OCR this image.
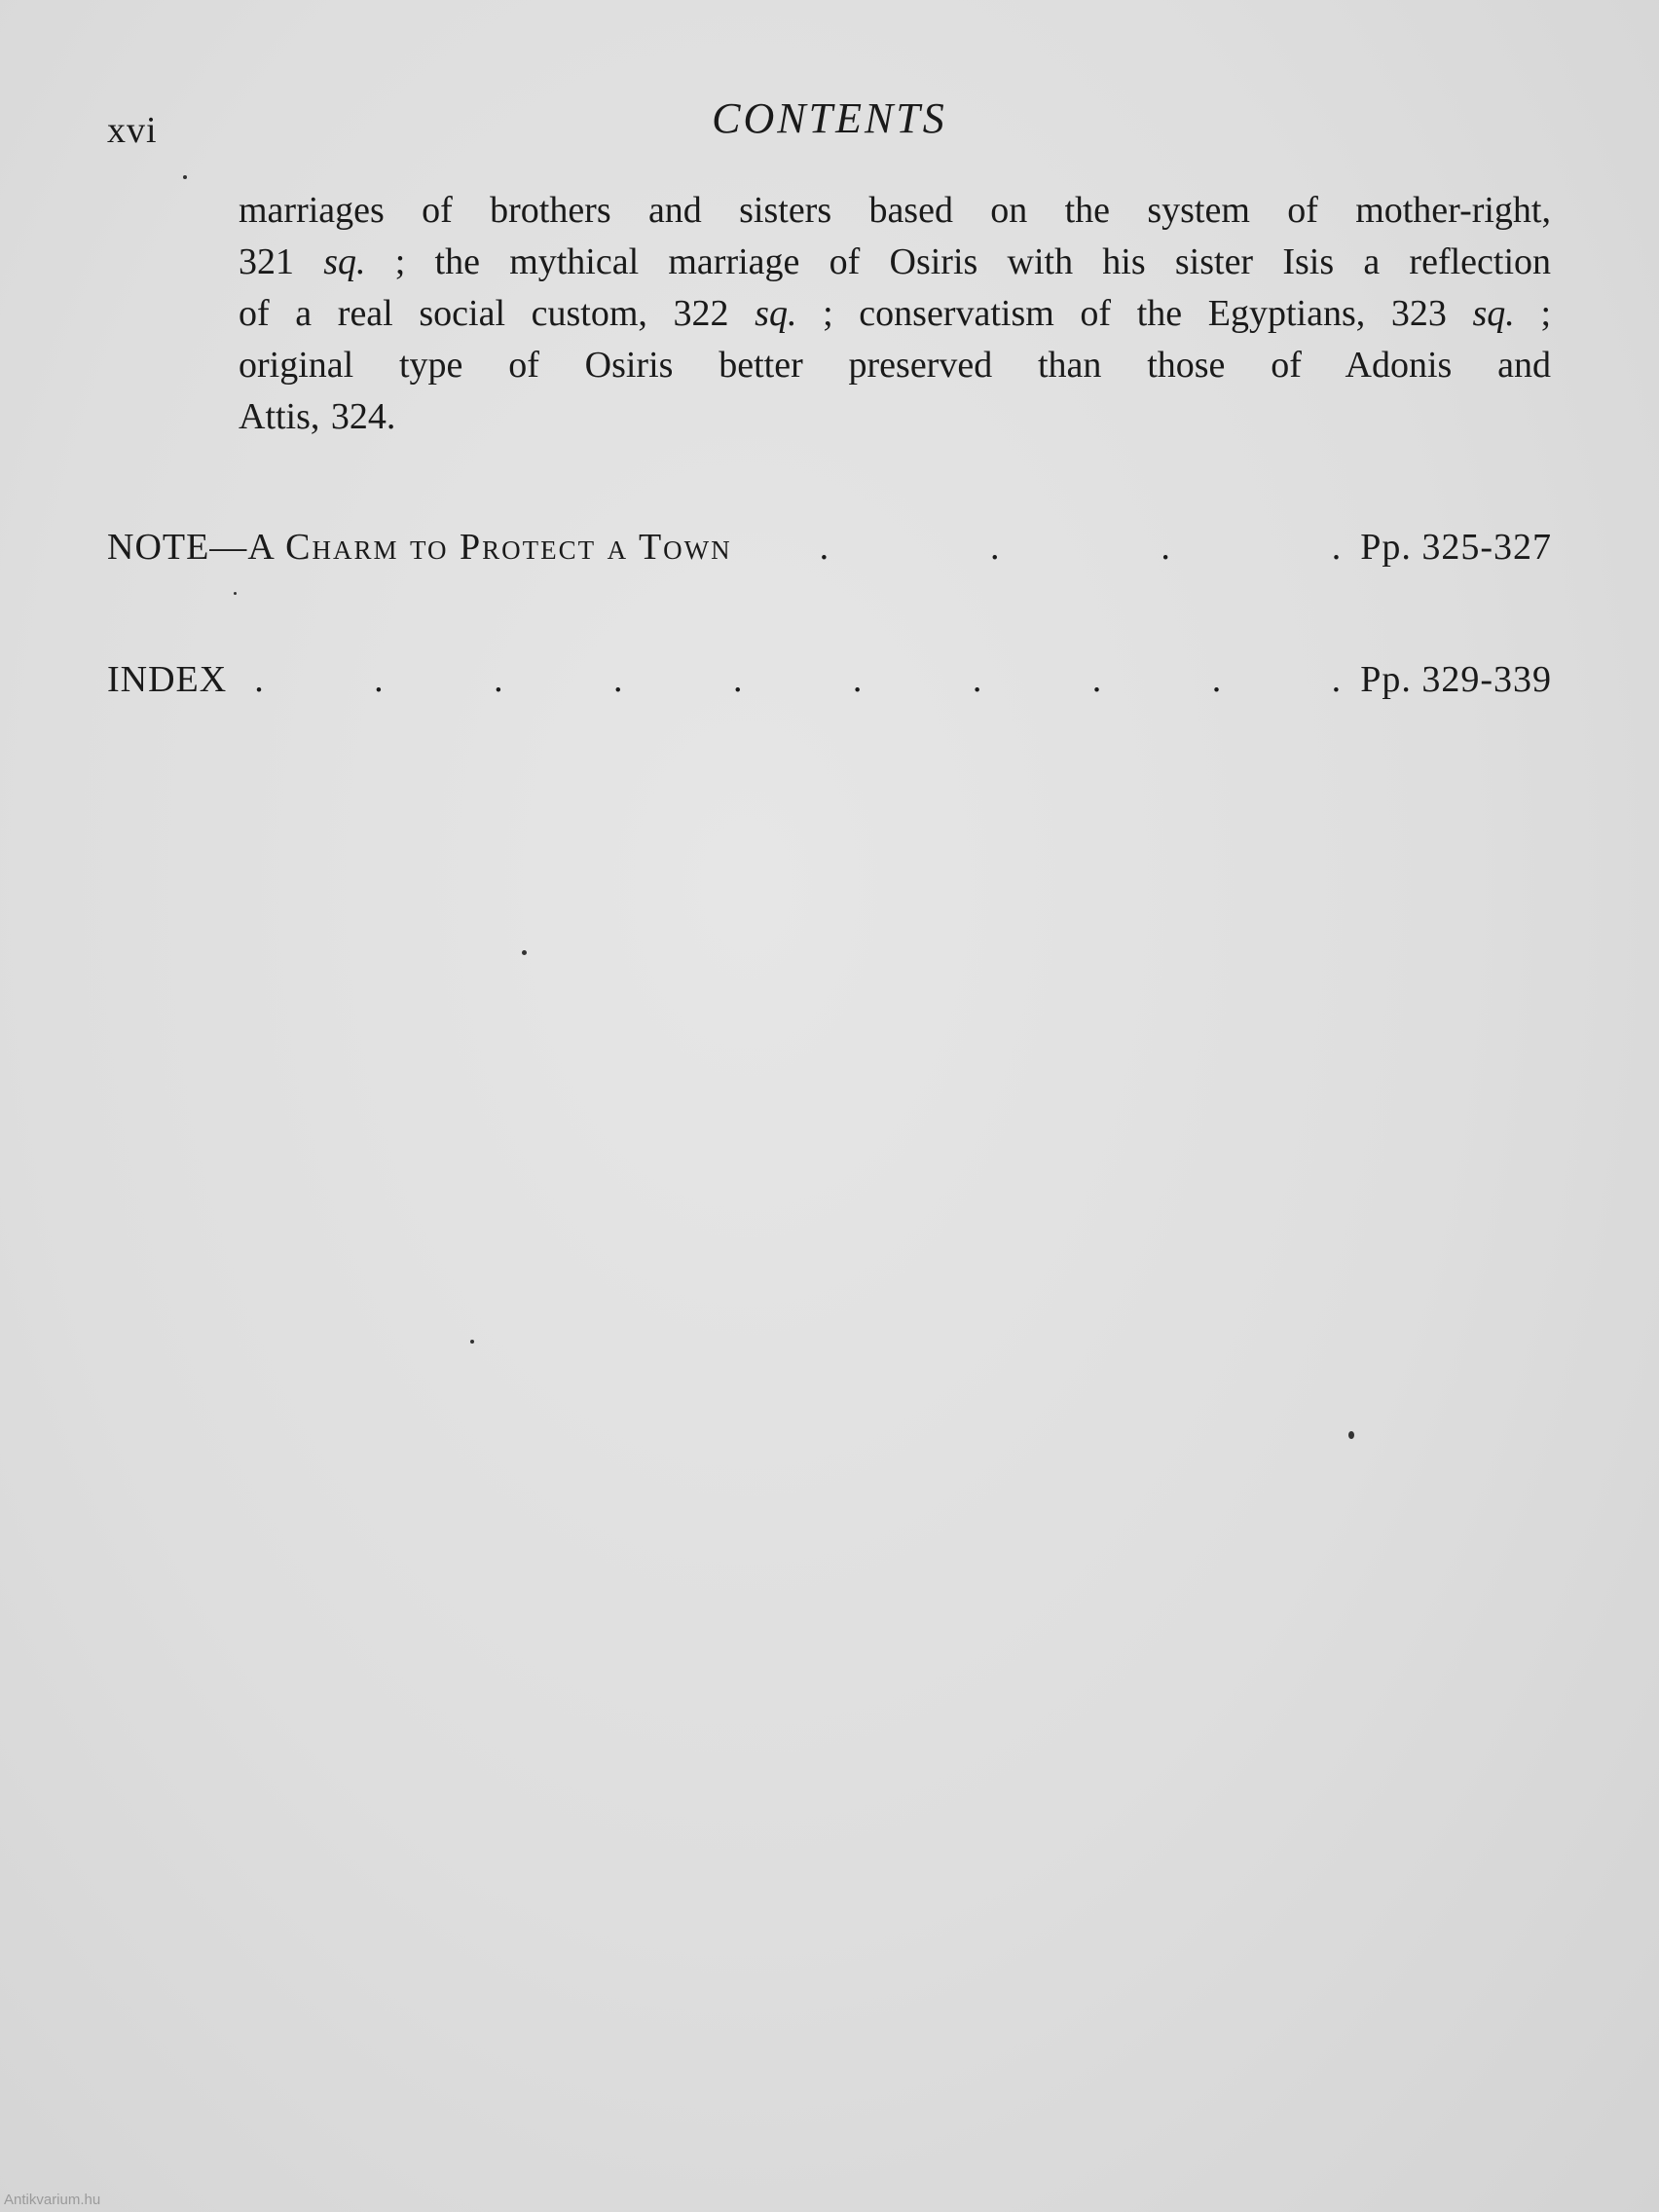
xvi	CONTENTS
marriages of brothers and sisters based on the system of mother-right,
321 sq. ; the mythical marriage of Osiris with his sister Isis a reflection
of a real social custom, 322 sq. ; conservatism of the Egyptians, 323 sq. ;
original type of Osiris better preserved than those of Adonis and
Attis, 324.
NOTE—A Charm to Protect a Town .	.	.	. Pp. 325-327
INDEX .	.	.	.	.	.	.	.	.	. Pp. 329-339
Antikvarium.hu
